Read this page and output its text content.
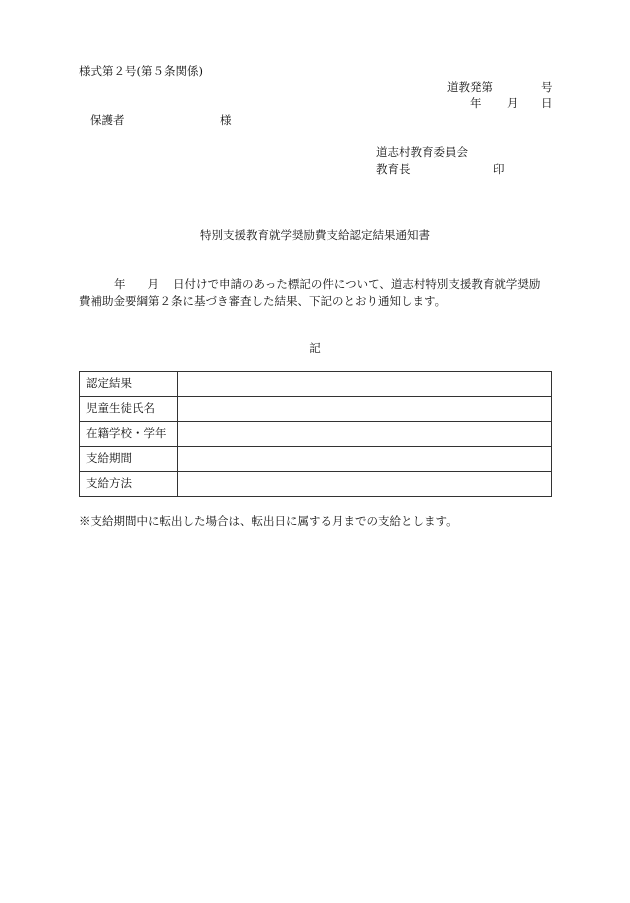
様式第２号(第５条関係)
道教発第	号
年 月 日
保護者	様
道志村教育委員会
教育長	印
特別支援教育就学奨励費支給認定結果通知書

年 月 日付けで申請のあった標記の件について、道志村特別支援教育就学奨励

費補助金要綱第２条に基づき審査した結果、下記のとおり通知します。

記
認定結果	
児童生徒氏名	
在籍学校・学年	
支給期間	
支給方法	
※支給期間中に転出した場合は、転出日に属する月までの支給とします。
